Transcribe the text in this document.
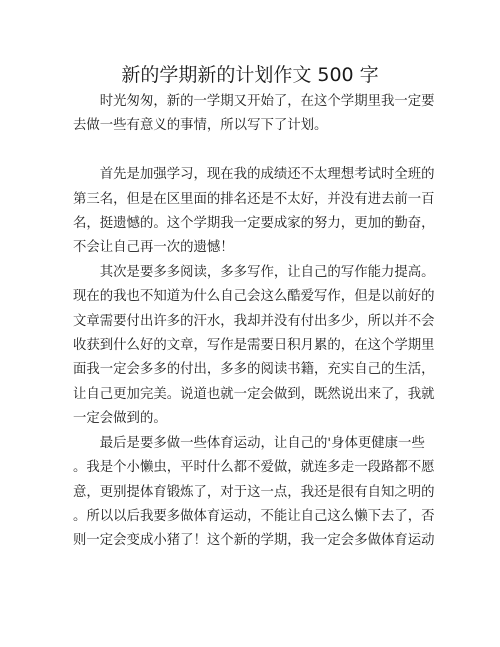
新的学期新的计划作文 500 字
　　时光匆匆，新的一学期又开始了，在这个学期里我一定要
去做一些有意义的事情，所以写下了计划。
　　首先是加强学习，现在我的成绩还不太理想考试时全班的
第三名，但是在区里面的排名还是不太好，并没有进去前一百
名，挺遗憾的。这个学期我一定要成家的努力，更加的勤奋，
不会让自己再一次的遗憾！
　　其次是要多多阅读，多多写作，让自己的写作能力提高。
现在的我也不知道为什么自己会这么酷爱写作，但是以前好的
文章需要付出许多的汗水，我却并没有付出多少，所以并不会
收获到什么好的文章，写作是需要日积月累的，在这个学期里
面我一定会多多的付出，多多的阅读书籍，充实自己的生活，
让自己更加完美。说道也就一定会做到，既然说出来了，我就
一定会做到的。
　　最后是要多做一些体育运动，让自己的'身体更健康一些
。我是个小懒虫，平时什么都不爱做，就连多走一段路都不愿
意，更别提体育锻炼了，对于这一点，我还是很有自知之明的
。所以以后我要多做体育运动，不能让自己这么懒下去了，否
则一定会变成小猪了！这个新的学期，我一定会多做体育运动
